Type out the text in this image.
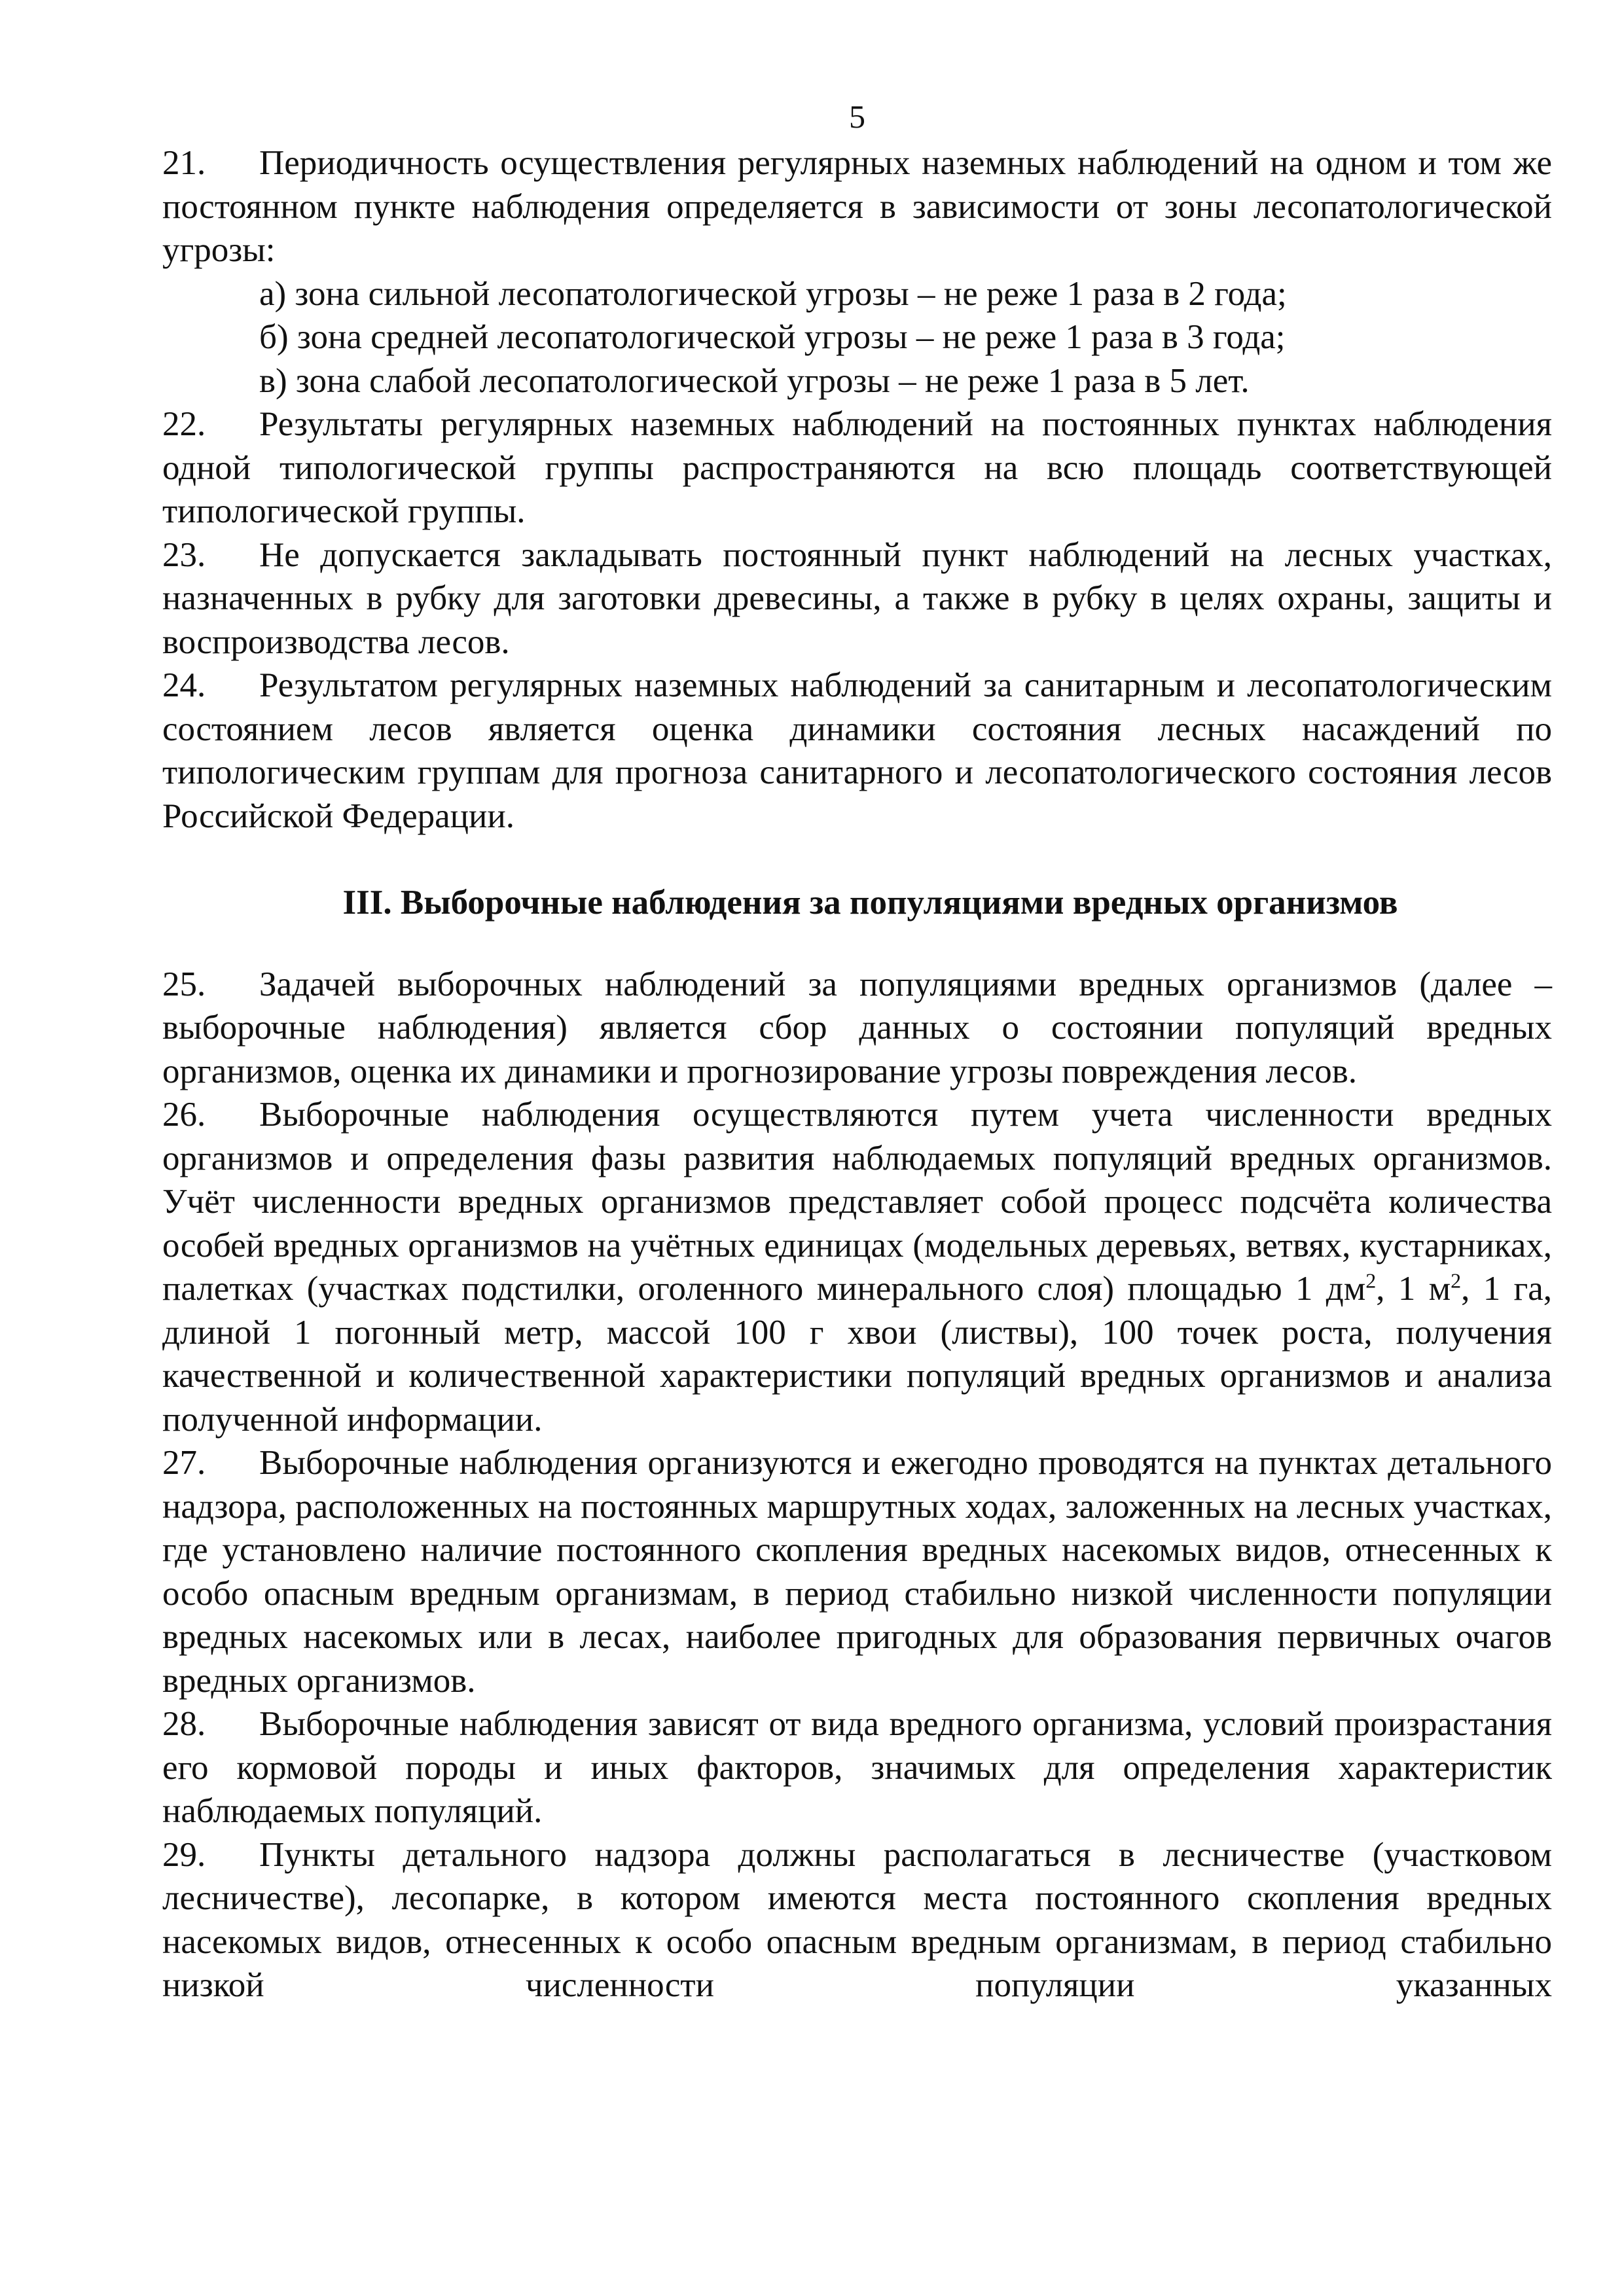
5

21. Периодичность осуществления регулярных наземных наблюдений на одном и том же постоянном пункте наблюдения определяется в зависимости от зоны лесопатологической угрозы:

а) зона сильной лесопатологической угрозы – не реже 1 раза в 2 года;

б) зона средней лесопатологической угрозы – не реже 1 раза в 3 года;

в) зона слабой лесопатологической угрозы – не реже 1 раза в 5 лет.

22. Результаты регулярных наземных наблюдений на постоянных пунктах наблюдения одной типологической группы распространяются на всю площадь соответствующей типологической группы.

23. Не допускается закладывать постоянный пункт наблюдений на лесных участках, назначенных в рубку для заготовки древесины, а также в рубку в целях охраны, защиты и воспроизводства лесов.

24. Результатом регулярных наземных наблюдений за санитарным и лесопатологическим состоянием лесов является оценка динамики состояния лесных насаждений по типологическим группам для прогноза санитарного и лесопатологического состояния лесов Российской Федерации.

III. Выборочные наблюдения за популяциями вредных организмов

25. Задачей выборочных наблюдений за популяциями вредных организмов (далее – выборочные наблюдения) является сбор данных о состоянии популяций вредных организмов, оценка их динамики и прогнозирование угрозы повреждения лесов.

26. Выборочные наблюдения осуществляются путем учета численности вредных организмов и определения фазы развития наблюдаемых популяций вредных организмов. Учёт численности вредных организмов представляет собой процесс подсчёта количества особей вредных организмов на учётных единицах (модельных деревьях, ветвях, кустарниках, палетках (участках подстилки, оголенного минерального слоя) площадью 1 $дм^2$, 1 $м^2$, 1 га, длиной 1 погонный метр, массой 100 г хвои (листвы), 100 точек роста, получения качественной и количественной характеристики популяций вредных организмов и анализа полученной информации.

27. Выборочные наблюдения организуются и ежегодно проводятся на пунктах детального надзора, расположенных на постоянных маршрутных ходах, заложенных на лесных участках, где установлено наличие постоянного скопления вредных насекомых видов, отнесенных к особо опасным вредным организмам, в период стабильно низкой численности популяции вредных насекомых или в лесах, наиболее пригодных для образования первичных очагов вредных организмов.

28. Выборочные наблюдения зависят от вида вредного организма, условий произрастания его кормовой породы и иных факторов, значимых для определения характеристик наблюдаемых популяций.

29. Пункты детального надзора должны располагаться в лесничестве (участковом лесничестве), лесопарке, в котором имеются места постоянного скопления вредных насекомых видов, отнесенных к особо опасным вредным организмам, в период стабильно низкой численности популяции указанных
